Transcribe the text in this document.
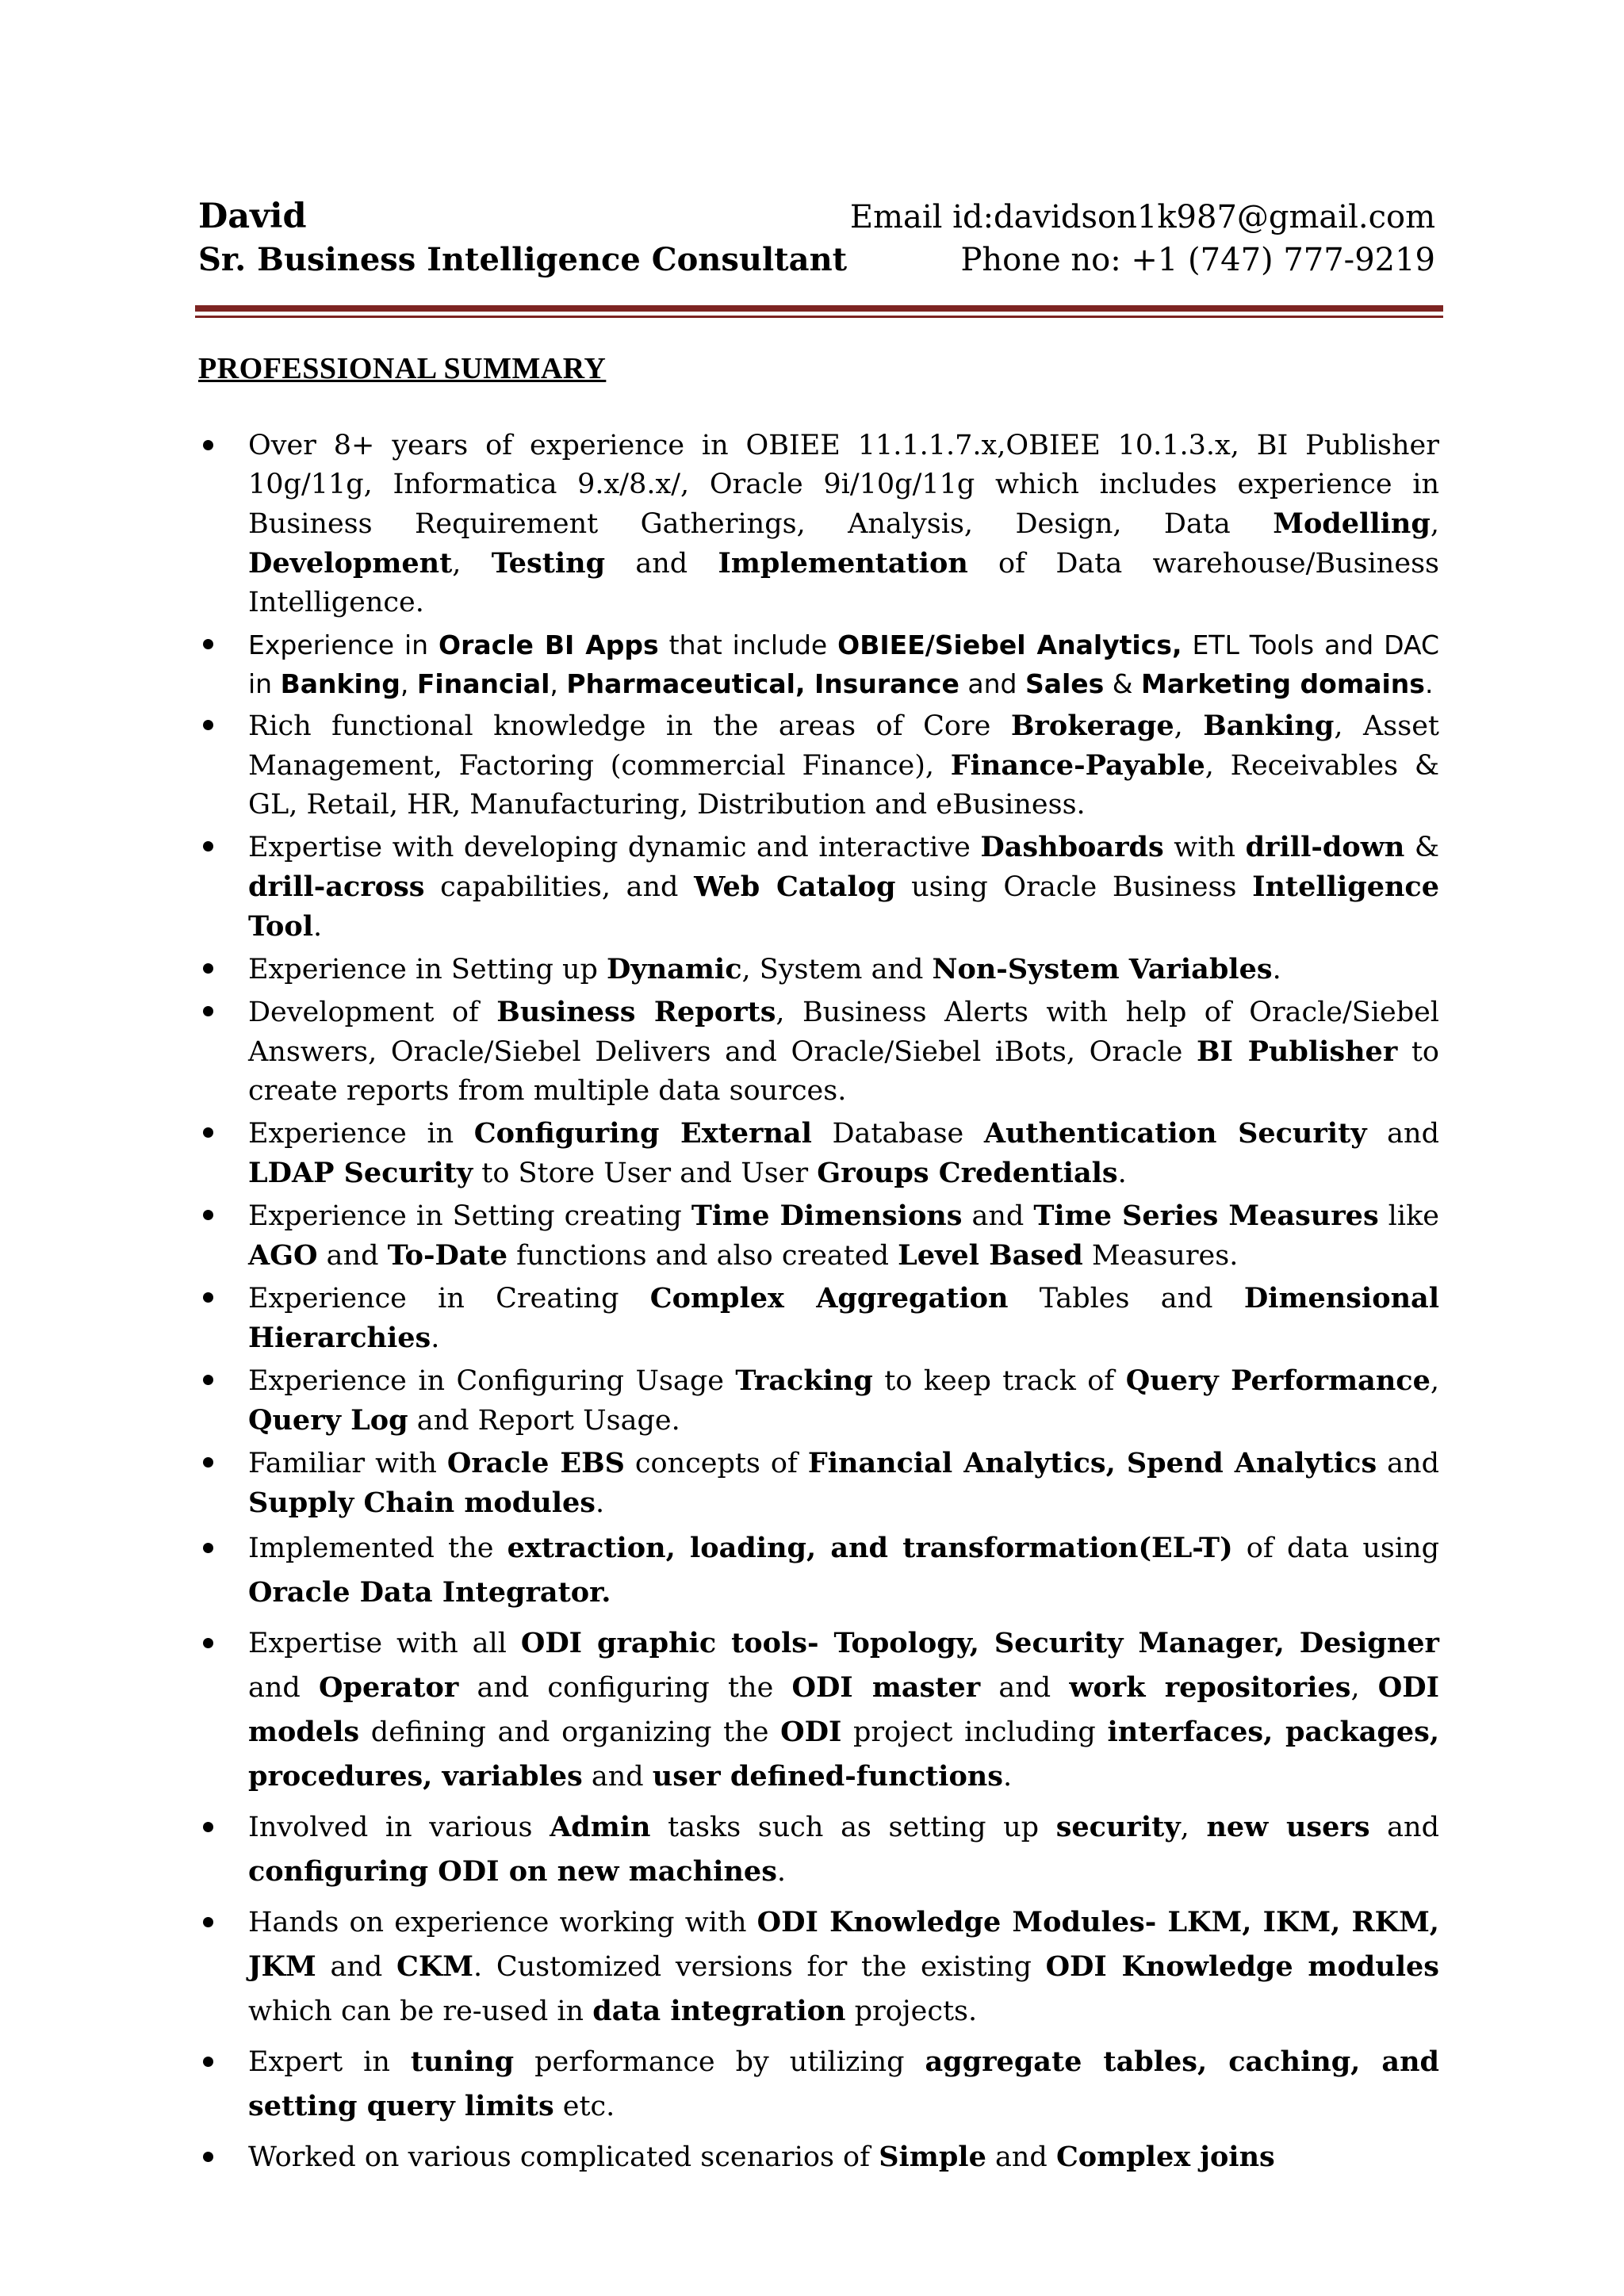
David	Email id:davidson1k987@gmail.com
Sr. Business Intelligence Consultant	Phone no: +1 (747) 777-9219
PROFESSIONAL SUMMARY
Over 8+ years of experience in OBIEE 11.1.1.7.x,OBIEE 10.1.3.x, BI Publisher 10g/11g, Informatica 9.x/8.x/, Oracle 9i/10g/11g which includes experience in Business Requirement Gatherings, Analysis, Design, Data Modelling, Development, Testing and Implementation of Data warehouse/Business Intelligence.
Experience in Oracle BI Apps that include OBIEE/Siebel Analytics, ETL Tools and DAC in Banking, Financial, Pharmaceutical, Insurance and Sales & Marketing domains.
Rich functional knowledge in the areas of Core Brokerage, Banking, Asset Management, Factoring (commercial Finance), Finance-Payable, Receivables & GL, Retail, HR, Manufacturing, Distribution and eBusiness.
Expertise with developing dynamic and interactive Dashboards with drill-down & drill-across capabilities, and Web Catalog using Oracle Business Intelligence Tool.
Experience in Setting up Dynamic, System and Non-System Variables.
Development of Business Reports, Business Alerts with help of Oracle/Siebel Answers, Oracle/Siebel Delivers and Oracle/Siebel iBots, Oracle BI Publisher to create reports from multiple data sources.
Experience in Configuring External Database Authentication Security and LDAP Security to Store User and User Groups Credentials.
Experience in Setting creating Time Dimensions and Time Series Measures like AGO and To-Date functions and also created Level Based Measures.
Experience in Creating Complex Aggregation Tables and Dimensional Hierarchies.
Experience in Configuring Usage Tracking to keep track of Query Performance, Query Log and Report Usage.
Familiar with Oracle EBS concepts of Financial Analytics, Spend Analytics and Supply Chain modules.
Implemented the extraction, loading, and transformation(EL-T) of data using Oracle Data Integrator.
Expertise with all ODI graphic tools- Topology, Security Manager, Designer and Operator and configuring the ODI master and work repositories, ODI models defining and organizing the ODI project including interfaces, packages, procedures, variables and user defined-functions.
Involved in various Admin tasks such as setting up security, new users and configuring ODI on new machines.
Hands on experience working with ODI Knowledge Modules- LKM, IKM, RKM, JKM and CKM. Customized versions for the existing ODI Knowledge modules which can be re-used in data integration projects.
Expert in tuning performance by utilizing aggregate tables, caching, and setting query limits etc.
Worked on various complicated scenarios of Simple and Complex joins
